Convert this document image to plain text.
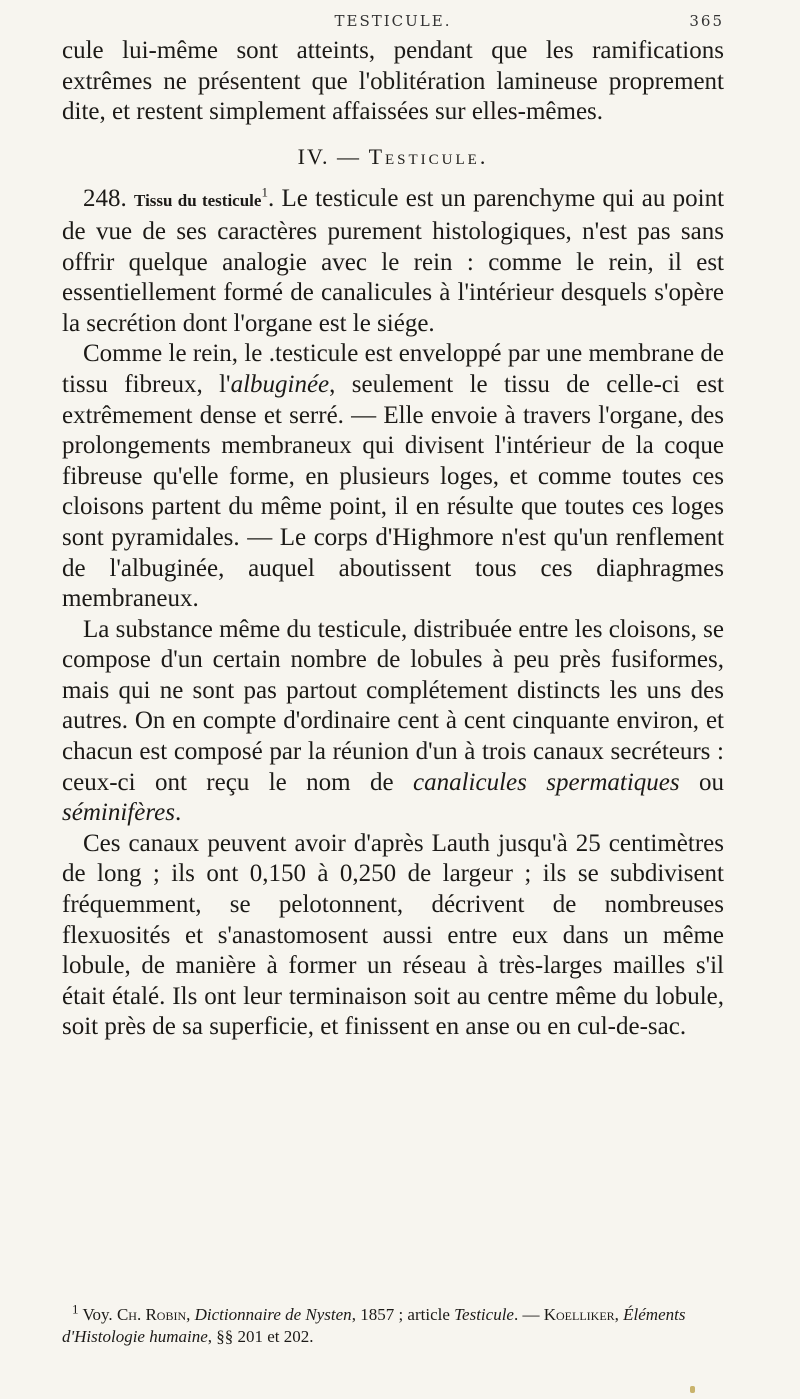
TESTICULE.	365

cule lui-même sont atteints, pendant que les ramifications extrêmes ne présentent que l'oblitération lamineuse proprement dite, et restent simplement affaissées sur elles-mêmes.

IV. — Testicule.

248. Tissu du testicule$^1$. Le testicule est un parenchyme qui au point de vue de ses caractères purement histologiques, n'est pas sans offrir quelque analogie avec le rein : comme le rein, il est essentiellement formé de canalicules à l'intérieur desquels s'opère la secrétion dont l'organe est le siége.

Comme le rein, le .testicule est enveloppé par une membrane de tissu fibreux, l'albuginée, seulement le tissu de celle-ci est extrêmement dense et serré. — Elle envoie à travers l'organe, des prolongements membraneux qui divisent l'intérieur de la coque fibreuse qu'elle forme, en plusieurs loges, et comme toutes ces cloisons partent du même point, il en résulte que toutes ces loges sont pyramidales. — Le corps d'Highmore n'est qu'un renflement de l'albuginée, auquel aboutissent tous ces diaphragmes membraneux.

La substance même du testicule, distribuée entre les cloisons, se compose d'un certain nombre de lobules à peu près fusiformes, mais qui ne sont pas partout complétement distincts les uns des autres. On en compte d'ordinaire cent à cent cinquante environ, et chacun est composé par la réunion d'un à trois canaux secréteurs : ceux-ci ont reçu le nom de canalicules spermatiques ou séminifères.

Ces canaux peuvent avoir d'après Lauth jusqu'à 25 centimètres de long ; ils ont 0,150 à 0,250 de largeur ; ils se subdivisent fréquemment, se pelotonnent, décrivent de nombreuses flexuosités et s'anastomosent aussi entre eux dans un même lobule, de manière à former un réseau à très-larges mailles s'il était étalé. Ils ont leur terminaison soit au centre même du lobule, soit près de sa superficie, et finissent en anse ou en cul-de-sac.

$^1$ Voy. Ch. Robin, Dictionnaire de Nysten, 1857 ; article Testicule. — Koelliker, Éléments d'Histologie humaine, §§ 201 et 202.
